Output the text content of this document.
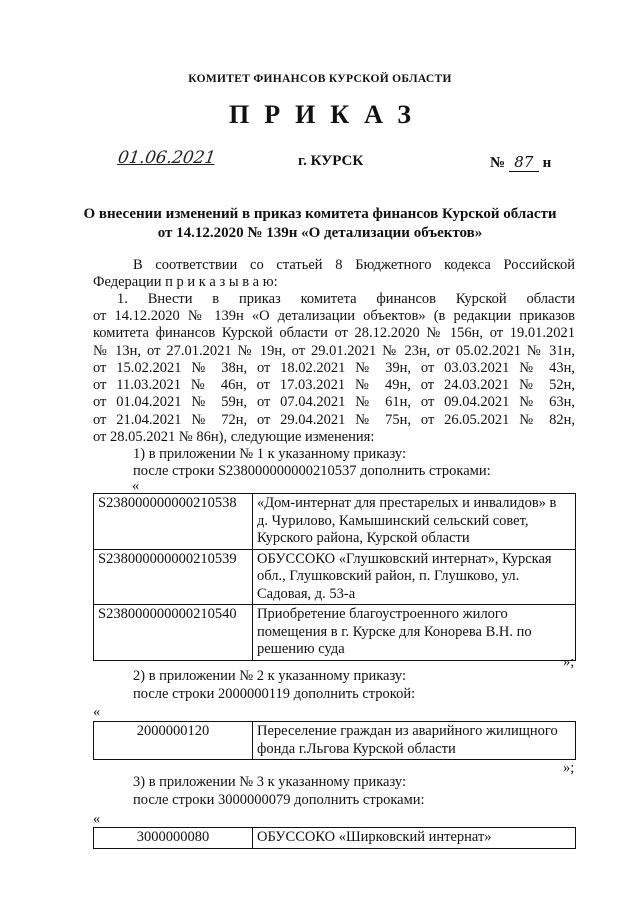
КОМИТЕТ ФИНАНСОВ КУРСКОЙ ОБЛАСТИ
ПРИКАЗ
01.06.2021	г. КУРСК	№ 87 н
О внесении изменений в приказ комитета финансов Курской области
от 14.12.2020 № 139н «О детализации объектов»
В соответствии со статьей 8 Бюджетного кодекса Российской
Федерации п р и к а з ы в а ю:
1. Внести в приказ комитета финансов Курской области
от 14.12.2020 № 139н «О детализации объектов» (в редакции приказов
комитета финансов Курской области от 28.12.2020 № 156н, от 19.01.2021
№ 13н, от 27.01.2021 № 19н, от 29.01.2021 № 23н, от 05.02.2021 № 31н,
от 15.02.2021 № 38н, от 18.02.2021 № 39н, от 03.03.2021 № 43н,
от 11.03.2021 № 46н, от 17.03.2021 № 49н, от 24.03.2021 № 52н,
от 01.04.2021 № 59н, от 07.04.2021 № 61н, от 09.04.2021 № 63н,
от 21.04.2021 № 72н, от 29.04.2021 № 75н, от 26.05.2021 № 82н,
от 28.05.2021 № 86н), следующие изменения:
1) в приложении № 1 к указанному приказу:
после строки S238000000000210537 дополнить строками:
«
S238000000000210538	«Дом-интернат для престарелых и инвалидов» в
д. Чурилово, Камышинский сельский совет,
Курского района, Курской области

S238000000000210539	ОБУССОКО «Глушковский интернат», Курская
обл., Глушковский район, п. Глушково, ул.
Садовая, д. 53-а

S238000000000210540	Приобретение благоустроенного жилого
помещения в г. Курске для Конорева В.Н. по
решению суда
»;
2) в приложении № 2 к указанному приказу:
после строки 2000000119 дополнить строкой:
«
2000000120	Переселение граждан из аварийного жилищного
фонда г.Льгова Курской области
»;
3) в приложении № 3 к указанному приказу:
после строки 3000000079 дополнить строками:
«
3000000080	ОБУССОКО «Ширковский интернат»
